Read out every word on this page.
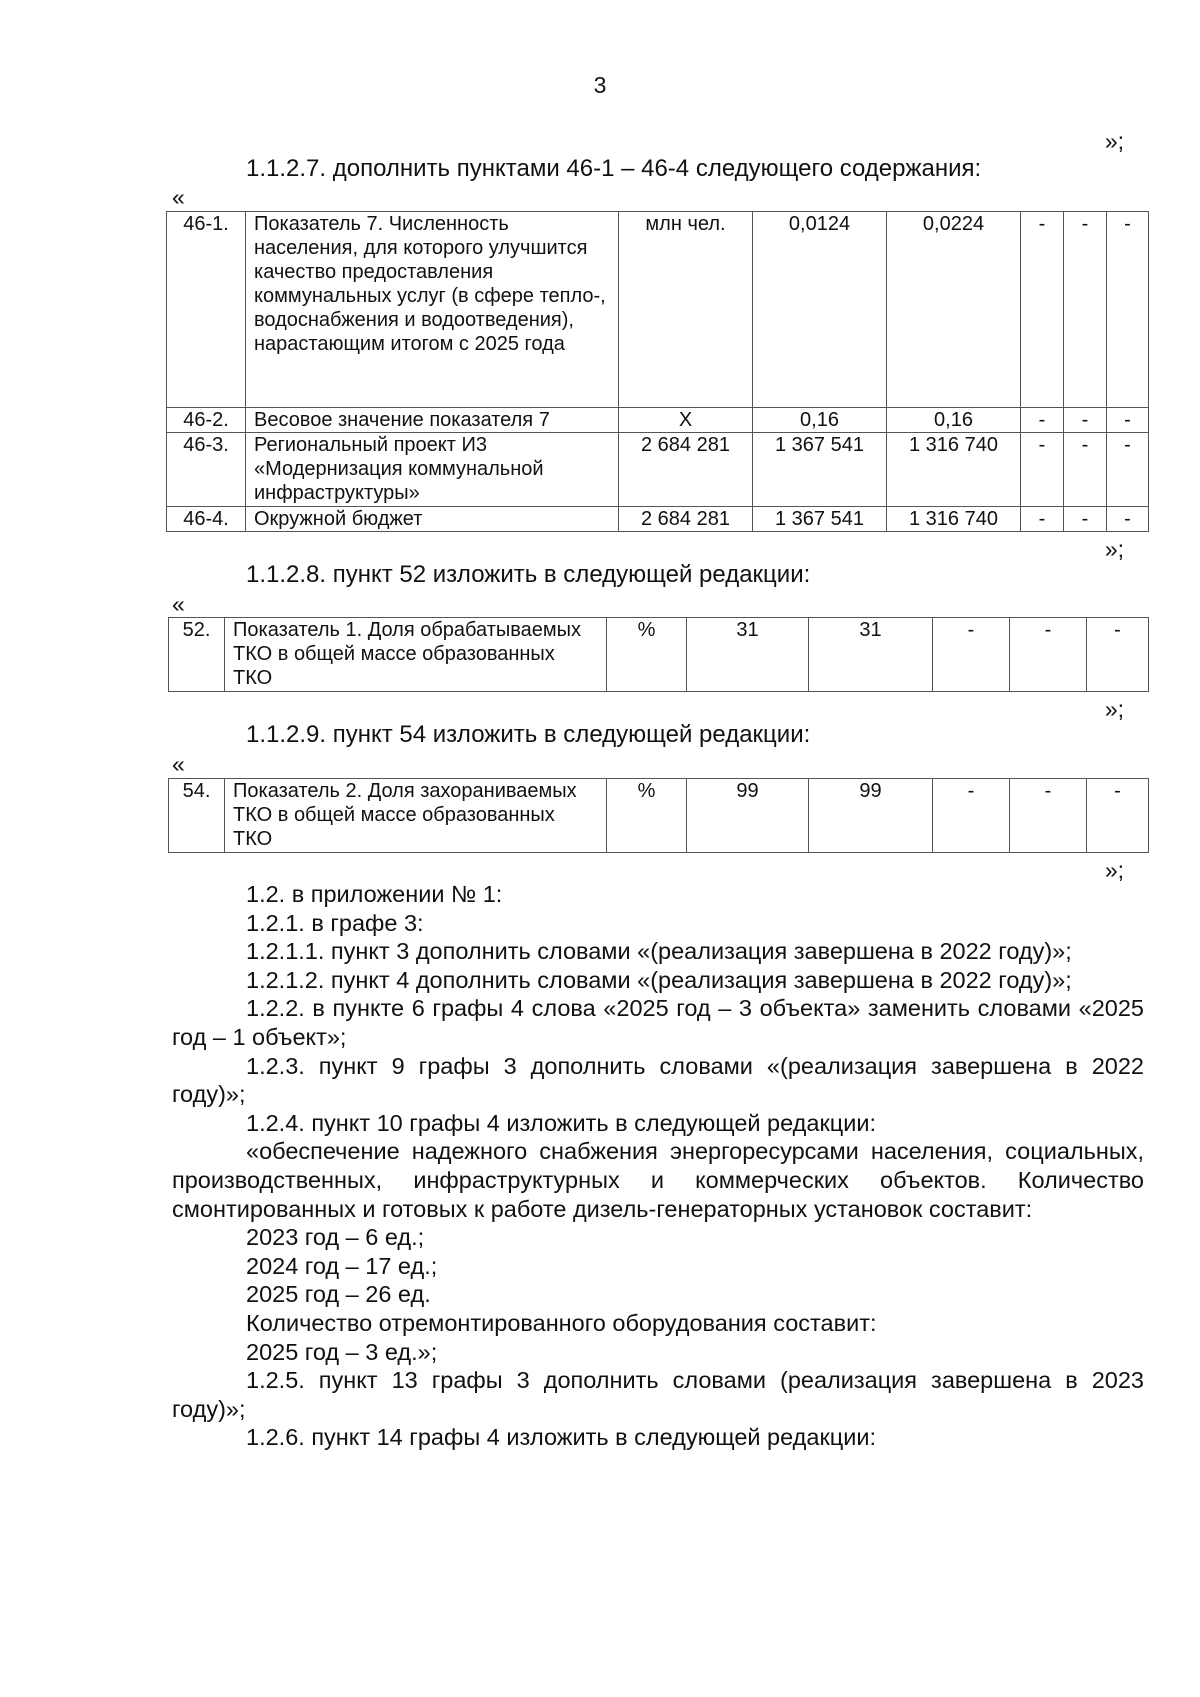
3
»;
1.1.2.7. дополнить пунктами 46-1 – 46-4 следующего содержания:
«
46-1.	Показатель 7. Численность населения, для которого улучшится качество предоставления коммунальных услуг (в сфере тепло-, водоснабжения и водоотведения), нарастающим итогом с 2025 года	млн чел.	0,0124	0,0224	-	-	-
46-2.	Весовое значение показателя 7	Х	0,16	0,16	-	-	-
46-3.	Региональный проект И3 «Модернизация коммунальной инфраструктуры»	2 684 281	1 367 541	1 316 740	-	-	-
46-4.	Окружной бюджет	2 684 281	1 367 541	1 316 740	-	-	-
»;
1.1.2.8. пункт 52 изложить в следующей редакции:
«
52.	Показатель 1. Доля обрабатываемых ТКО в общей массе образованных ТКО	%	31	31	-	-	-
»;
1.1.2.9. пункт 54 изложить в следующей редакции:
«
54.	Показатель 2. Доля захораниваемых ТКО в общей массе образованных ТКО	%	99	99	-	-	-
»;

1.2. в приложении № 1:

1.2.1. в графе 3:

1.2.1.1. пункт 3 дополнить словами «(реализация завершена в 2022 году)»;

1.2.1.2. пункт 4 дополнить словами «(реализация завершена в 2022 году)»;

1.2.2. в пункте 6 графы 4 слова «2025 год – 3 объекта» заменить словами «2025 год – 1 объект»;

1.2.3. пункт 9 графы 3 дополнить словами «(реализация завершена в 2022 году)»;

1.2.4. пункт 10 графы 4 изложить в следующей редакции:

«обеспечение надежного снабжения энергоресурсами населения, социальных, производственных, инфраструктурных и коммерческих объектов. Количество смонтированных и готовых к работе дизель-генераторных установок составит:

2023 год – 6 ед.;

2024 год – 17 ед.;

2025 год – 26 ед.

Количество отремонтированного оборудования составит:

2025 год – 3 ед.»;

1.2.5. пункт 13 графы 3 дополнить словами (реализация завершена в 2023 году)»;

1.2.6. пункт 14 графы 4 изложить в следующей редакции:
